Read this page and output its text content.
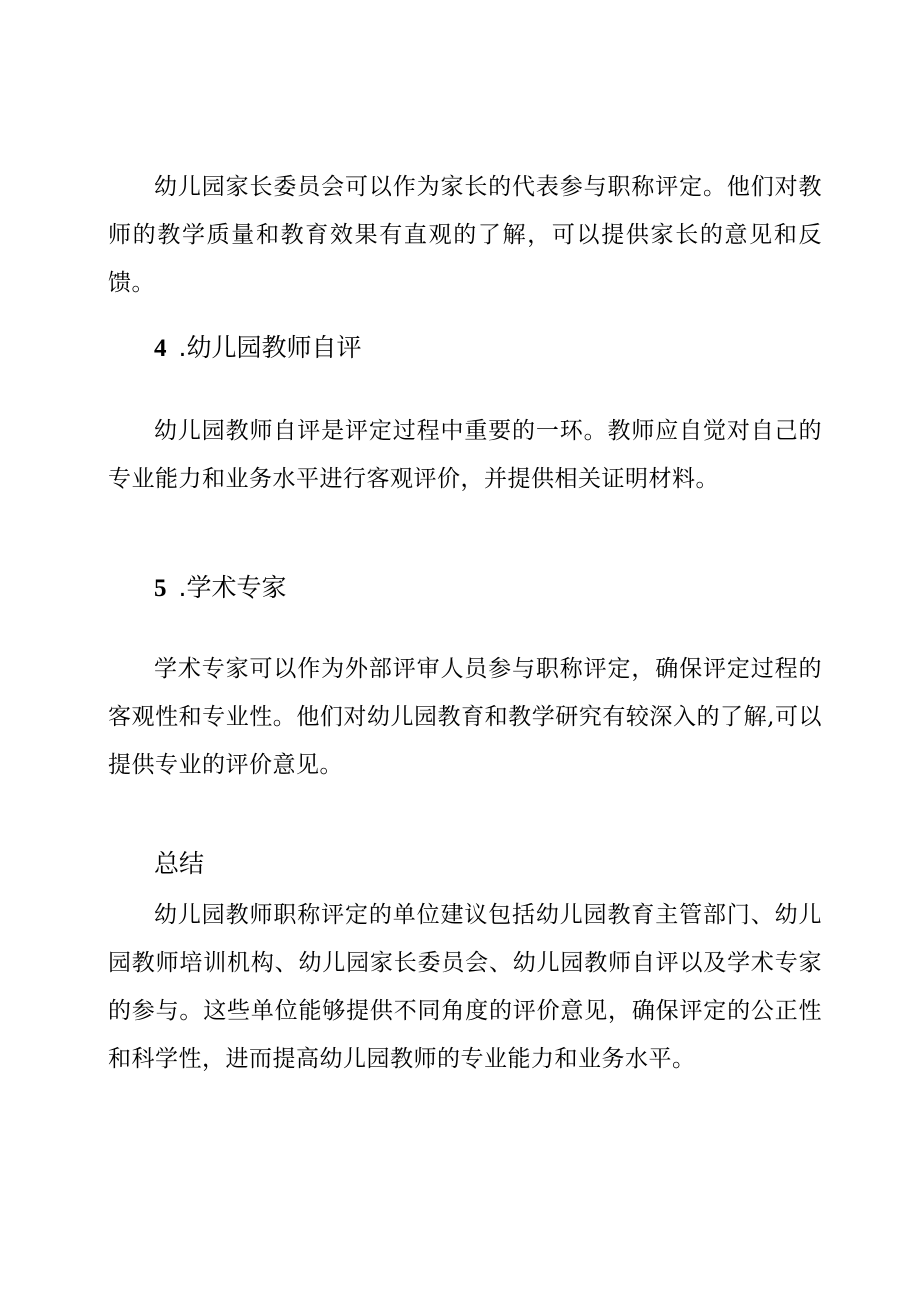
幼儿园家长委员会可以作为家长的代表参与职称评定。他们对教师的教学质量和教育效果有直观的了解，可以提供家长的意见和反馈。

4 .幼儿园教师自评

幼儿园教师自评是评定过程中重要的一环。教师应自觉对自己的专业能力和业务水平进行客观评价，并提供相关证明材料。

5 .学术专家

学术专家可以作为外部评审人员参与职称评定，确保评定过程的客观性和专业性。他们对幼儿园教育和教学研究有较深入的了解,可以提供专业的评价意见。

总结

幼儿园教师职称评定的单位建议包括幼儿园教育主管部门、幼儿园教师培训机构、幼儿园家长委员会、幼儿园教师自评以及学术专家的参与。这些单位能够提供不同角度的评价意见，确保评定的公正性和科学性，进而提高幼儿园教师的专业能力和业务水平。
